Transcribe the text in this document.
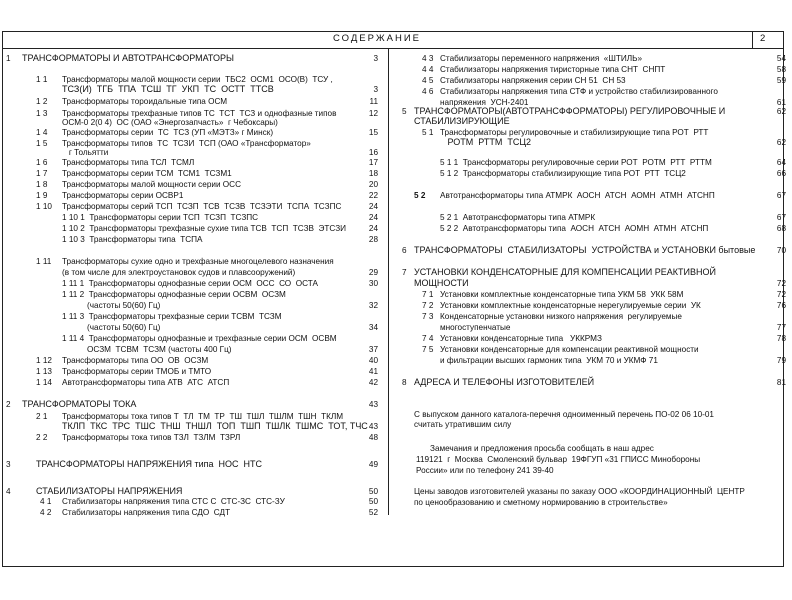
СОДЕРЖАНИЕ	2
1 ТРАНСФОРМАТОРЫ И АВТОТРАНСФОРМАТОРЫ	3
1 1 Трансформаторы малой мощности серии  ТБС2  ОСМ1  ОСО(В)  ТСУ ,
ТСЗ(И)  ТГБ  ТПА  ТСШ  ТГ  УКП  ТС  ОСТТ  ТТСВ	3
1 2 Трансформаторы тороидальные типа ОСМ	11
1 3 Трансформаторы трехфазные типов ТС  ТСТ  ТСЗ и однофазные типов	12
ОСМ-0 2(0 4)  ОС (ОАО «Энергозапчасть»  г Чебоксары)
1 4 Трансформаторы серии  ТС  ТСЗ (УП «МЭТЗ» г Минск)	15
1 5 Трансформаторы типов  ТС  ТСЗИ  ТСП (ОАО «Трансформатор»
г Тольятти	16
1 6 Трансформаторы типа ТСЛ  ТСМЛ	17
1 7 Трансформаторы серии ТСМ  ТСМ1  ТСЗМ1	18
1 8 Трансформаторы малой мощности серии ОСС	20
1 9 Трансформаторы серии ОСВР1	22
1 10 Трансформаторы серий ТСП  ТСЗП  ТСВ  ТСЗВ  ТСЗЭТИ  ТСПА  ТСЗПС	24
1 10 1  Трансформаторы серии ТСП  ТСЗП  ТСЗПС	24
1 10 2  Трансформаторы трехфазные сухие типа ТСВ  ТСП  ТСЗВ  ЭТСЗИ	24
1 10 3  Трансформаторы типа  ТСПА	28
1 11 Трансформаторы сухие одно и трехфазные многоцелевого назначения
(в том числе для электроустановок судов и плавсооружений)	29
1 11 1  Трансформаторы однофазные серии ОСМ  ОСС  СО  ОСТА	30
1 11 2  Трансформаторы однофазные серии ОСВМ  ОСЗМ
(частоты 50(60) Гц)	32
1 11 3  Трансформаторы трехфазные серии ТСВМ  ТСЗМ
(частоты 50(60) Гц)	34
1 11 4  Трансформаторы однофазные и трехфазные серии ОСМ  ОСВМ
ОСЗМ  ТСВМ  ТСЗМ (частоты 400 Гц)	37
1 12 Трансформаторы типа ОО  ОВ  ОСЗМ	40
1 13 Трансформаторы серии ТМОБ и ТМТО	41
1 14 Автотрансформаторы типа АТВ  АТС  АТСП	42
2 ТРАНСФОРМАТОРЫ ТОКА	43
2 1 Трансформаторы тока типов Т  ТЛ  ТМ  ТР  ТШ  ТШЛ  ТШЛМ  ТШН  ТКЛМ
ТКЛП  ТКС  ТРС  ТШС  ТНШ  ТНШЛ  ТОП  ТШП  ТШЛК  ТШМС  ТОТ, ТЧС 43
2 2 Трансформаторы тока типов ТЗЛ  ТЗЛМ  ТЗРЛ	48
3	ТРАНСФОРМАТОРЫ НАПРЯЖЕНИЯ типа  НОС  НТС	49
4	СТАБИЛИЗАТОРЫ НАПРЯЖЕНИЯ	50
4 1 Стабилизаторы напряжения типа СТС С  СТС-ЗС  СТС-ЗУ	50
4 2 Стабилизаторы напряжения типа СДО  СДТ	52
4 3 Стабилизаторы переменного напряжения  «ШТИЛЬ»	54
4 4 Стабилизаторы напряжения тиристорные типа СНТ  СНПТ	58
4 5 Стабилизаторы напряжения серии СН 51  СН 53	59
4 6 Стабилизаторы напряжения типа СТФ и устройство стабилизированного
напряжения  УСН-2401	61
5 ТРАНСФОРМАТОРЫ(АВТОТРАНСФФОРМАТОРЫ) РЕГУЛИРОВОЧНЫЕ И	62
СТАБИЛИЗИРУЮЩИЕ
5 1 Трансформаторы регулировочные и стабилизирующие типа РОТ  РТТ
РОТМ  РТТМ  ТСЦ2	62
5 1 1  Трансформаторы регулировочные серии РОТ  РОТМ  РТТ  РТТМ	64
5 1 2  Трансформаторы стабилизирующие типа РОТ  РТТ  ТСЦ2	66
5 2 Автотрансформаторы типа АТМРК  АОСН  АТСН  АОМН  АТМН  АТСНП	67
5 2 1  Автотрансформаторы типа АТМРК	67
5 2 2  Автотрансформаторы типа  АОСН  АТСН  АОМН  АТМН  АТСНП	68
6 ТРАНСФОРМАТОРЫ  СТАБИЛИЗАТОРЫ  УСТРОЙСТВА и УСТАНОВКИ бытовые	70
7 УСТАНОВКИ КОНДЕНСАТОРНЫЕ ДЛЯ КОМПЕНСАЦИИ РЕАКТИВНОЙ
МОЩНОСТИ	72
7 1 Установки комплектные конденсаторные типа УКМ 58  УКК 58М	72
7 2 Установки комплектные конденсаторные нерегулируемые серии  УК	76
7 3 Конденсаторные установки низкого напряжения  регулируемые
многоступенчатые	77
7 4 Установки конденсаторные типа   УККРМЗ	78
7 5 Установки конденсаторные для компенсации реактивной мощности
и фильтрации высших гармоник типа  УКМ 70 и УКМФ 71	79
8 АДРЕСА И ТЕЛЕФОНЫ ИЗГОТОВИТЕЛЕЙ	81
С выпуском данного каталога-перечня одноименный перечень ПО-02 06 10-01
считать утратившим силу
Замечания и предложения просьба сообщать в наш адрес
119121  г  Москва  Смоленский бульвар  19ФГУП «31 ГПИСС Минобороны
России» или по телефону 241 39-40
Цены заводов изготовителей указаны по заказу ООО «КООРДИНАЦИОННЫЙ  ЦЕНТР
по ценообразованию и сметному нормированию в строительстве»
